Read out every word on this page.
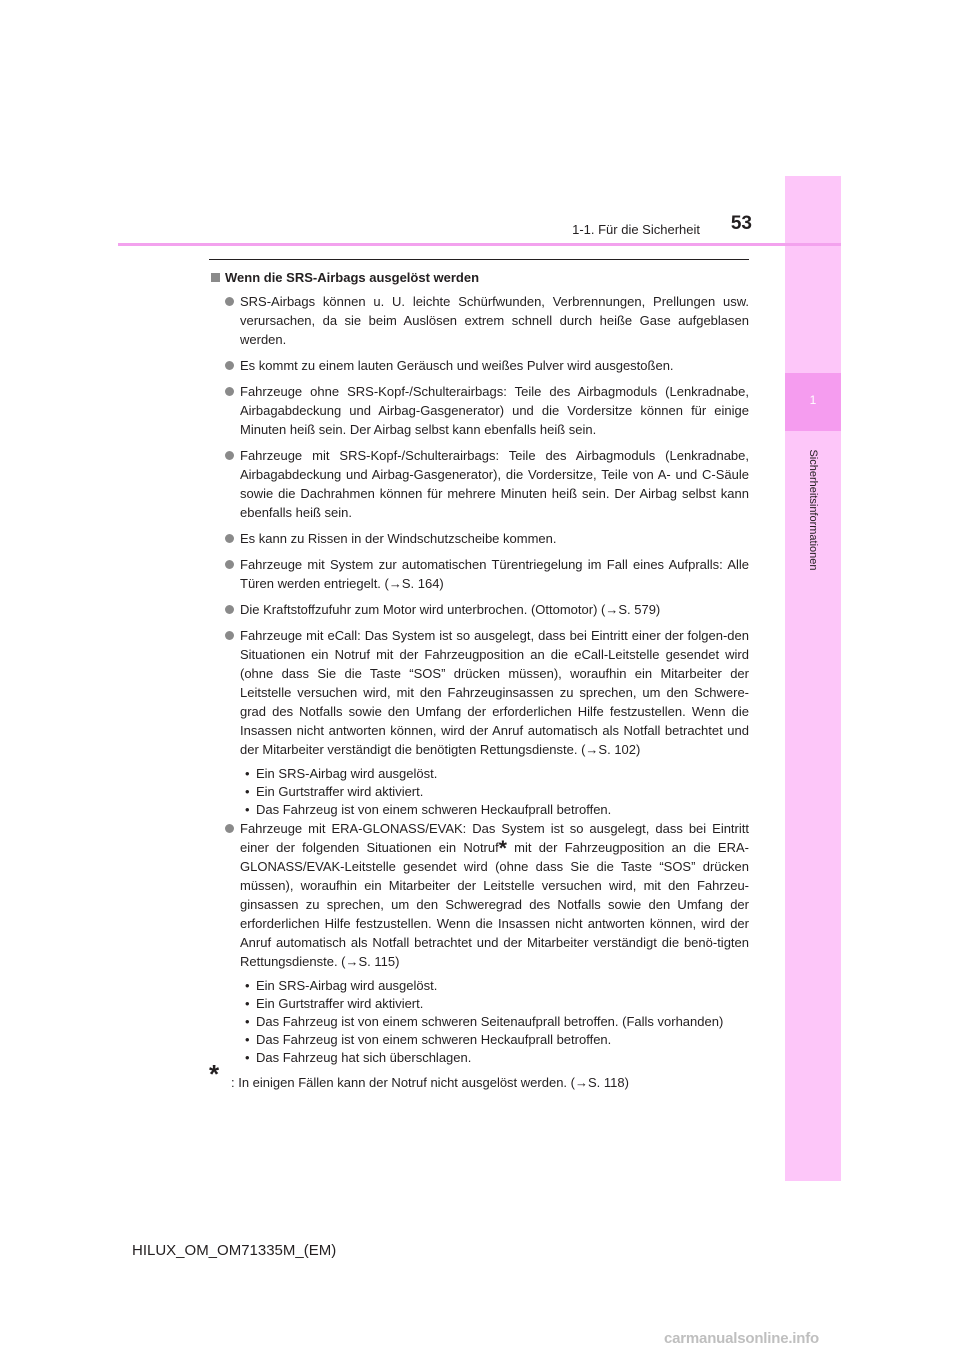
1
Sicherheitsinformationen
1-1. Für die Sicherheit	53
Wenn die SRS-Airbags ausgelöst werden
SRS-Airbags können u. U. leichte Schürfwunden, Verbrennungen, Prellungen usw. verursachen, da sie beim Auslösen extrem schnell durch heiße Gase aufgeblasen werden.
Es kommt zu einem lauten Geräusch und weißes Pulver wird ausgestoßen.
Fahrzeuge ohne SRS-Kopf-/Schulterairbags: Teile des Airbagmoduls (Lenkradnabe, Airbagabdeckung und Airbag-Gasgenerator) und die Vordersitze können für einige Minuten heiß sein. Der Airbag selbst kann ebenfalls heiß sein.
Fahrzeuge mit SRS-Kopf-/Schulterairbags: Teile des Airbagmoduls (Lenkradnabe, Airbagabdeckung und Airbag-Gasgenerator), die Vordersitze, Teile von A- und C-Säule sowie die Dachrahmen können für mehrere Minuten heiß sein. Der Airbag selbst kann ebenfalls heiß sein.
Es kann zu Rissen in der Windschutzscheibe kommen.
Fahrzeuge mit System zur automatischen Türentriegelung im Fall eines Aufpralls: Alle Türen werden entriegelt. (→S. 164)
Die Kraftstoffzufuhr zum Motor wird unterbrochen. (Ottomotor) (→S. 579)
Fahrzeuge mit eCall: Das System ist so ausgelegt, dass bei Eintritt einer der folgen-den Situationen ein Notruf mit der Fahrzeugposition an die eCall-Leitstelle gesendet wird (ohne dass Sie die Taste “SOS” drücken müssen), woraufhin ein Mitarbeiter der Leitstelle versuchen wird, mit den Fahrzeuginsassen zu sprechen, um den Schwere-grad des Notfalls sowie den Umfang der erforderlichen Hilfe festzustellen. Wenn die Insassen nicht antworten können, wird der Anruf automatisch als Notfall betrachtet und der Mitarbeiter verständigt die benötigten Rettungsdienste. (→S. 102)
• Ein SRS-Airbag wird ausgelöst.
• Ein Gurtstraffer wird aktiviert.
• Das Fahrzeug ist von einem schweren Heckaufprall betroffen.
Fahrzeuge mit ERA-GLONASS/EVAK: Das System ist so ausgelegt, dass bei Eintritt einer der folgenden Situationen ein Notruf* mit der Fahrzeugposition an die ERA-GLONASS/EVAK-Leitstelle gesendet wird (ohne dass Sie die Taste “SOS” drücken müssen), woraufhin ein Mitarbeiter der Leitstelle versuchen wird, mit den Fahrzeu-ginsassen zu sprechen, um den Schweregrad des Notfalls sowie den Umfang der erforderlichen Hilfe festzustellen. Wenn die Insassen nicht antworten können, wird der Anruf automatisch als Notfall betrachtet und der Mitarbeiter verständigt die benö-tigten Rettungsdienste. (→S. 115)
• Ein SRS-Airbag wird ausgelöst.
• Ein Gurtstraffer wird aktiviert.
• Das Fahrzeug ist von einem schweren Seitenaufprall betroffen. (Falls vorhanden)
• Das Fahrzeug ist von einem schweren Heckaufprall betroffen.
• Das Fahrzeug hat sich überschlagen.
* : In einigen Fällen kann der Notruf nicht ausgelöst werden. (→S. 118)
HILUX_OM_OM71335M_(EM)
carmanualsonline.info
